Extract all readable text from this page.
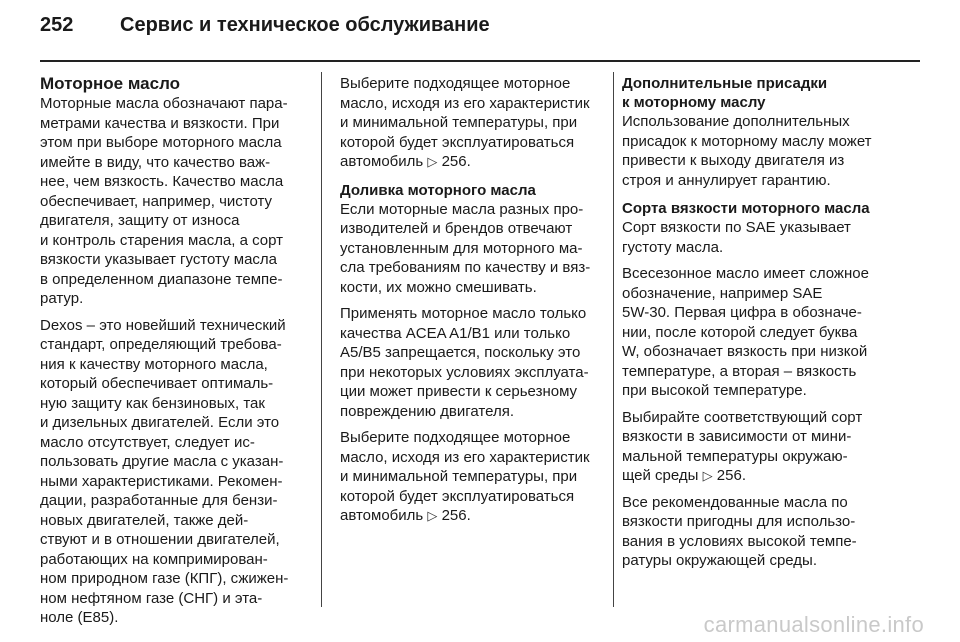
252	Сервис и техническое обслуживание
Моторное масло

Моторные масла обозначают пара-
метрами качества и вязкости. При
этом при выборе моторного масла
имейте в виду, что качество важ-
нее, чем вязкость. Качество масла
обеспечивает, например, чистоту
двигателя, защиту от износа
и контроль старения масла, а сорт
вязкости указывает густоту масла
в определенном диапазоне темпе-
ратур.

Dexos – это новейший технический
стандарт, определяющий требова-
ния к качеству моторного масла,
который обеспечивает оптималь-
ную защиту как бензиновых, так
и дизельных двигателей. Если это
масло отсутствует, следует ис-
пользовать другие масла с указан-
ными характеристиками. Рекомен-
дации, разработанные для бензи-
новых двигателей, также дей-
ствуют и в отношении двигателей,
работающих на компримирован-
ном природном газе (КПГ), сжижен-
ном нефтяном газе (СНГ) и эта-
ноле (E85).

Выберите подходящее моторное
масло, исходя из его характеристик
и минимальной температуры, при
которой будет эксплуатироваться
автомобиль ▷ 256.

Доливка моторного масла

Если моторные масла разных про-
изводителей и брендов отвечают
установленным для моторного ма-
сла требованиям по качеству и вяз-
кости, их можно смешивать.

Применять моторное масло только
качества ACEA A1/B1 или только
A5/B5 запрещается, поскольку это
при некоторых условиях эксплуата-
ции может привести к серьезному
повреждению двигателя.

Выберите подходящее моторное
масло, исходя из его характеристик
и минимальной температуры, при
которой будет эксплуатироваться
автомобиль ▷ 256.

Дополнительные присадки
к моторному маслу

Использование дополнительных
присадок к моторному маслу может
привести к выходу двигателя из
строя и аннулирует гарантию.

Сорта вязкости моторного масла

Сорт вязкости по SAE указывает
густоту масла.

Всесезонное масло имеет сложное
обозначение, например SAE
5W-30. Первая цифра в обозначе-
нии, после которой следует буква
W, обозначает вязкость при низкой
температуре, а вторая – вязкость
при высокой температуре.

Выбирайте соответствующий сорт
вязкости в зависимости от мини-
мальной температуры окружаю-
щей среды ▷ 256.

Все рекомендованные масла по
вязкости пригодны для использо-
вания в условиях высокой темпе-
ратуры окружающей среды.

carmanualsonline.info
